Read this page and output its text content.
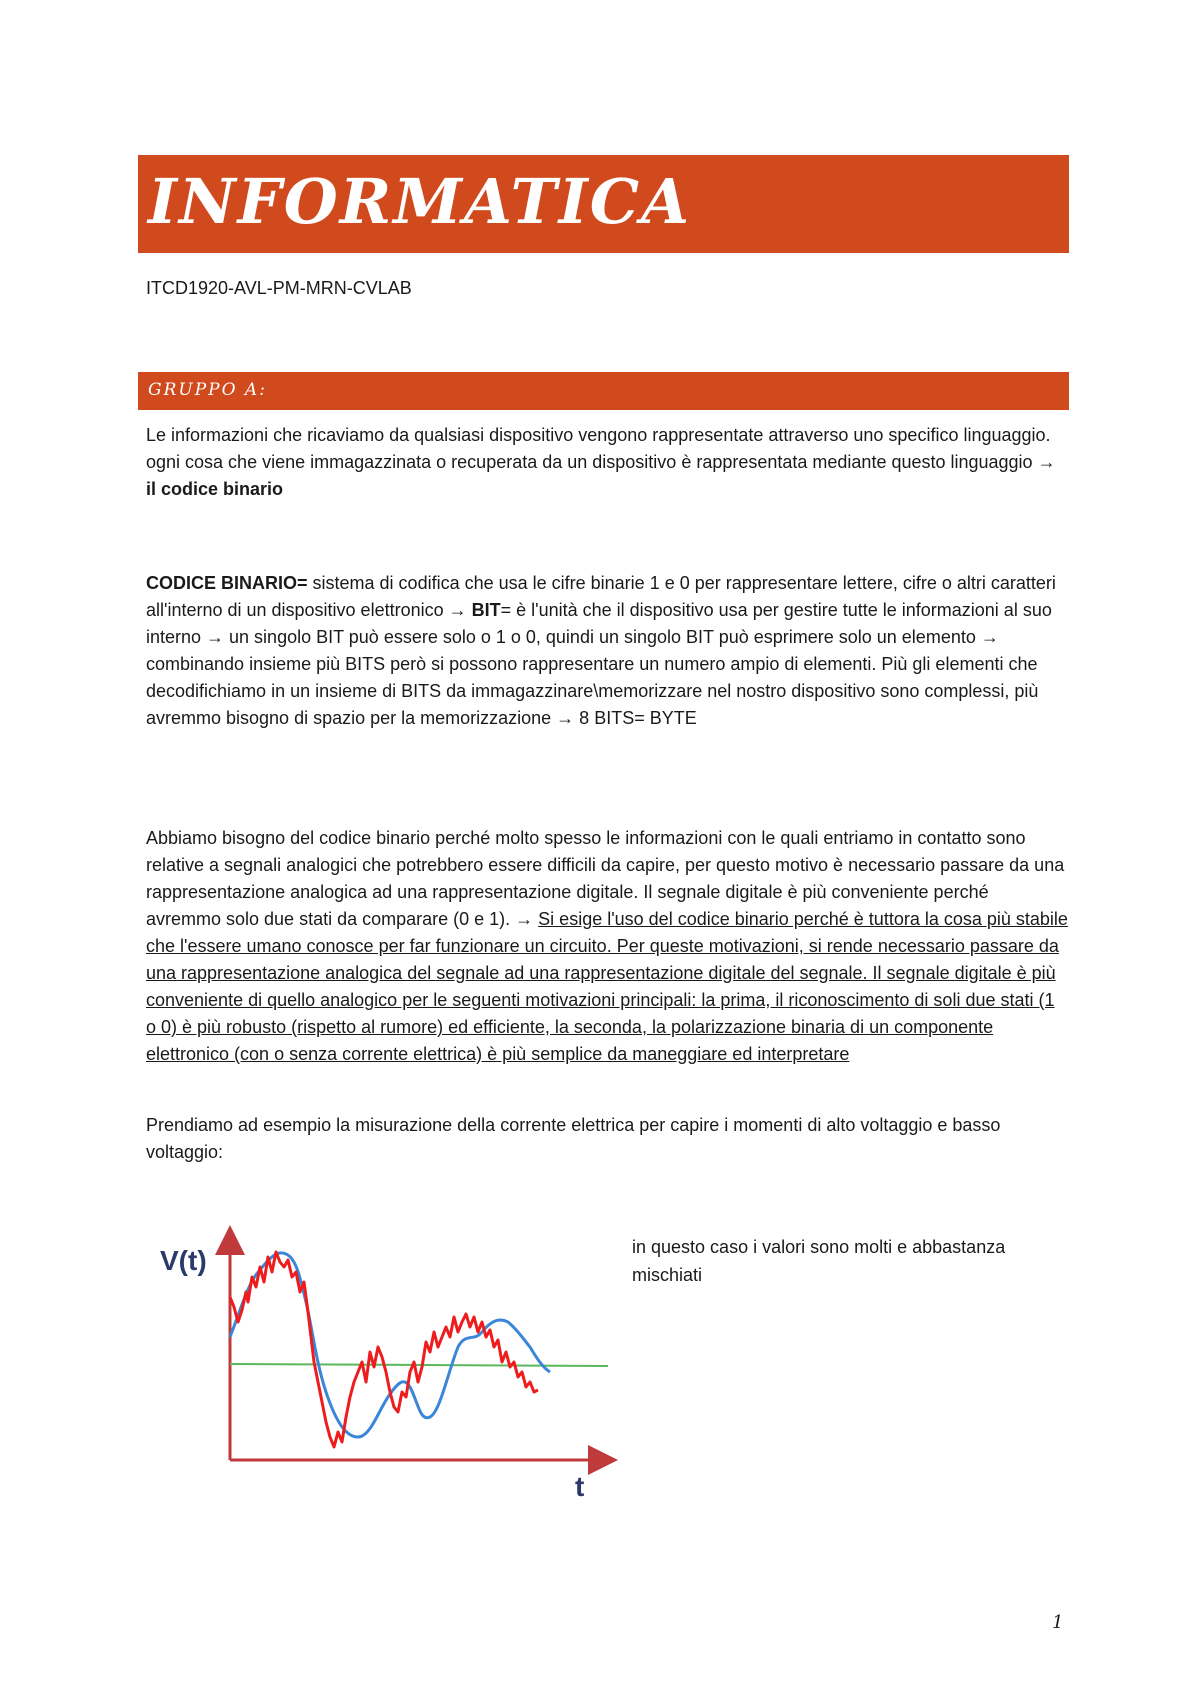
INFORMATICA
ITCD1920-AVL-PM-MRN-CVLAB
GRUPPO A:
Le informazioni che ricaviamo da qualsiasi dispositivo vengono rappresentate attraverso uno specifico linguaggio. ogni cosa che viene immagazzinata o recuperata da un dispositivo è rappresentata mediante questo linguaggio → il codice binario
CODICE BINARIO= sistema di codifica che usa le cifre binarie 1 e 0 per rappresentare lettere, cifre o altri caratteri all'interno di un dispositivo elettronico → BIT= è l'unità che il dispositivo usa per gestire tutte le informazioni al suo interno → un singolo BIT può essere solo o 1 o 0, quindi un singolo BIT può esprimere solo un elemento → combinando insieme più BITS però si possono rappresentare un numero ampio di elementi. Più gli elementi che decodifichiamo in un insieme di BITS da immagazzinare\memorizzare nel nostro dispositivo sono complessi, più avremmo bisogno di spazio per la memorizzazione → 8 BITS= BYTE
Abbiamo bisogno del codice binario perché molto spesso le informazioni con le quali entriamo in contatto sono relative a segnali analogici che potrebbero essere difficili da capire, per questo motivo è necessario passare da una rappresentazione analogica ad una rappresentazione digitale. Il segnale digitale è più conveniente perché avremmo solo due stati da comparare (0 e 1). → Si esige l'uso del codice binario perché è tuttora la cosa più stabile che l'essere umano conosce per far funzionare un circuito. Per queste motivazioni, si rende necessario passare da una rappresentazione analogica del segnale ad una rappresentazione digitale del segnale. Il segnale digitale è più conveniente di quello analogico per le seguenti motivazioni principali: la prima, il riconoscimento di soli due stati (1 o 0) è più robusto (rispetto al rumore) ed efficiente, la seconda, la polarizzazione binaria di un componente elettronico (con o senza corrente elettrica) è più semplice da maneggiare ed interpretare
Prendiamo ad esempio la misurazione della corrente elettrica per capire i momenti di alto voltaggio e basso voltaggio:
V(t)
t
in questo caso i valori sono molti e abbastanza mischiati
1
